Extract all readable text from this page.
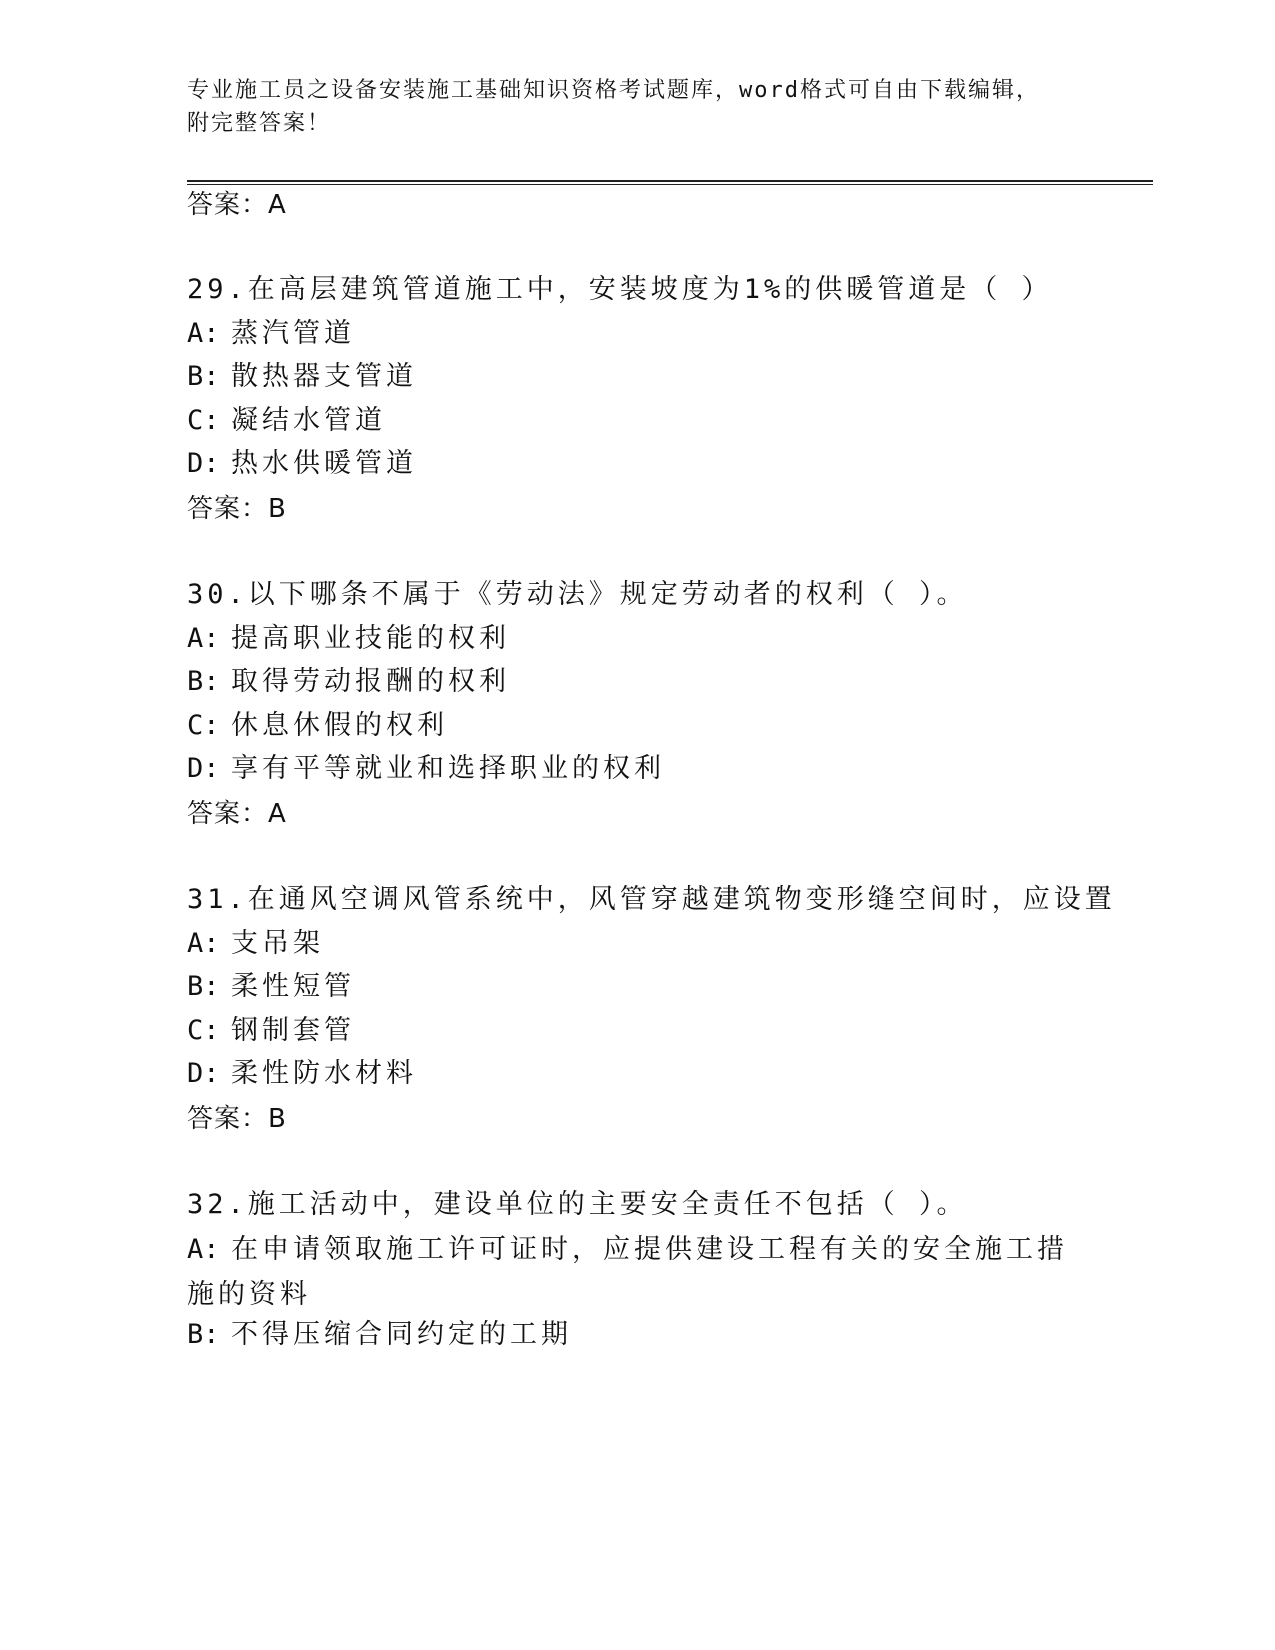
专业施工员之设备安装施工基础知识资格考试题库，word格式可自由下载编辑，
附完整答案！
答案：A
29.在高层建筑管道施工中，安装坡度为1%的供暖管道是（ ）
A: 蒸汽管道
B: 散热器支管道
C: 凝结水管道
D: 热水供暖管道
答案：B
30.以下哪条不属于《劳动法》规定劳动者的权利（ ）。
A: 提高职业技能的权利
B: 取得劳动报酬的权利
C: 休息休假的权利
D: 享有平等就业和选择职业的权利
答案：A
31.在通风空调风管系统中，风管穿越建筑物变形缝空间时，应设置
A: 支吊架
B: 柔性短管
C: 钢制套管
D: 柔性防水材料
答案：B
32.施工活动中，建设单位的主要安全责任不包括（ ）。
A: 在申请领取施工许可证时，应提供建设工程有关的安全施工措施的资料
B: 不得压缩合同约定的工期
